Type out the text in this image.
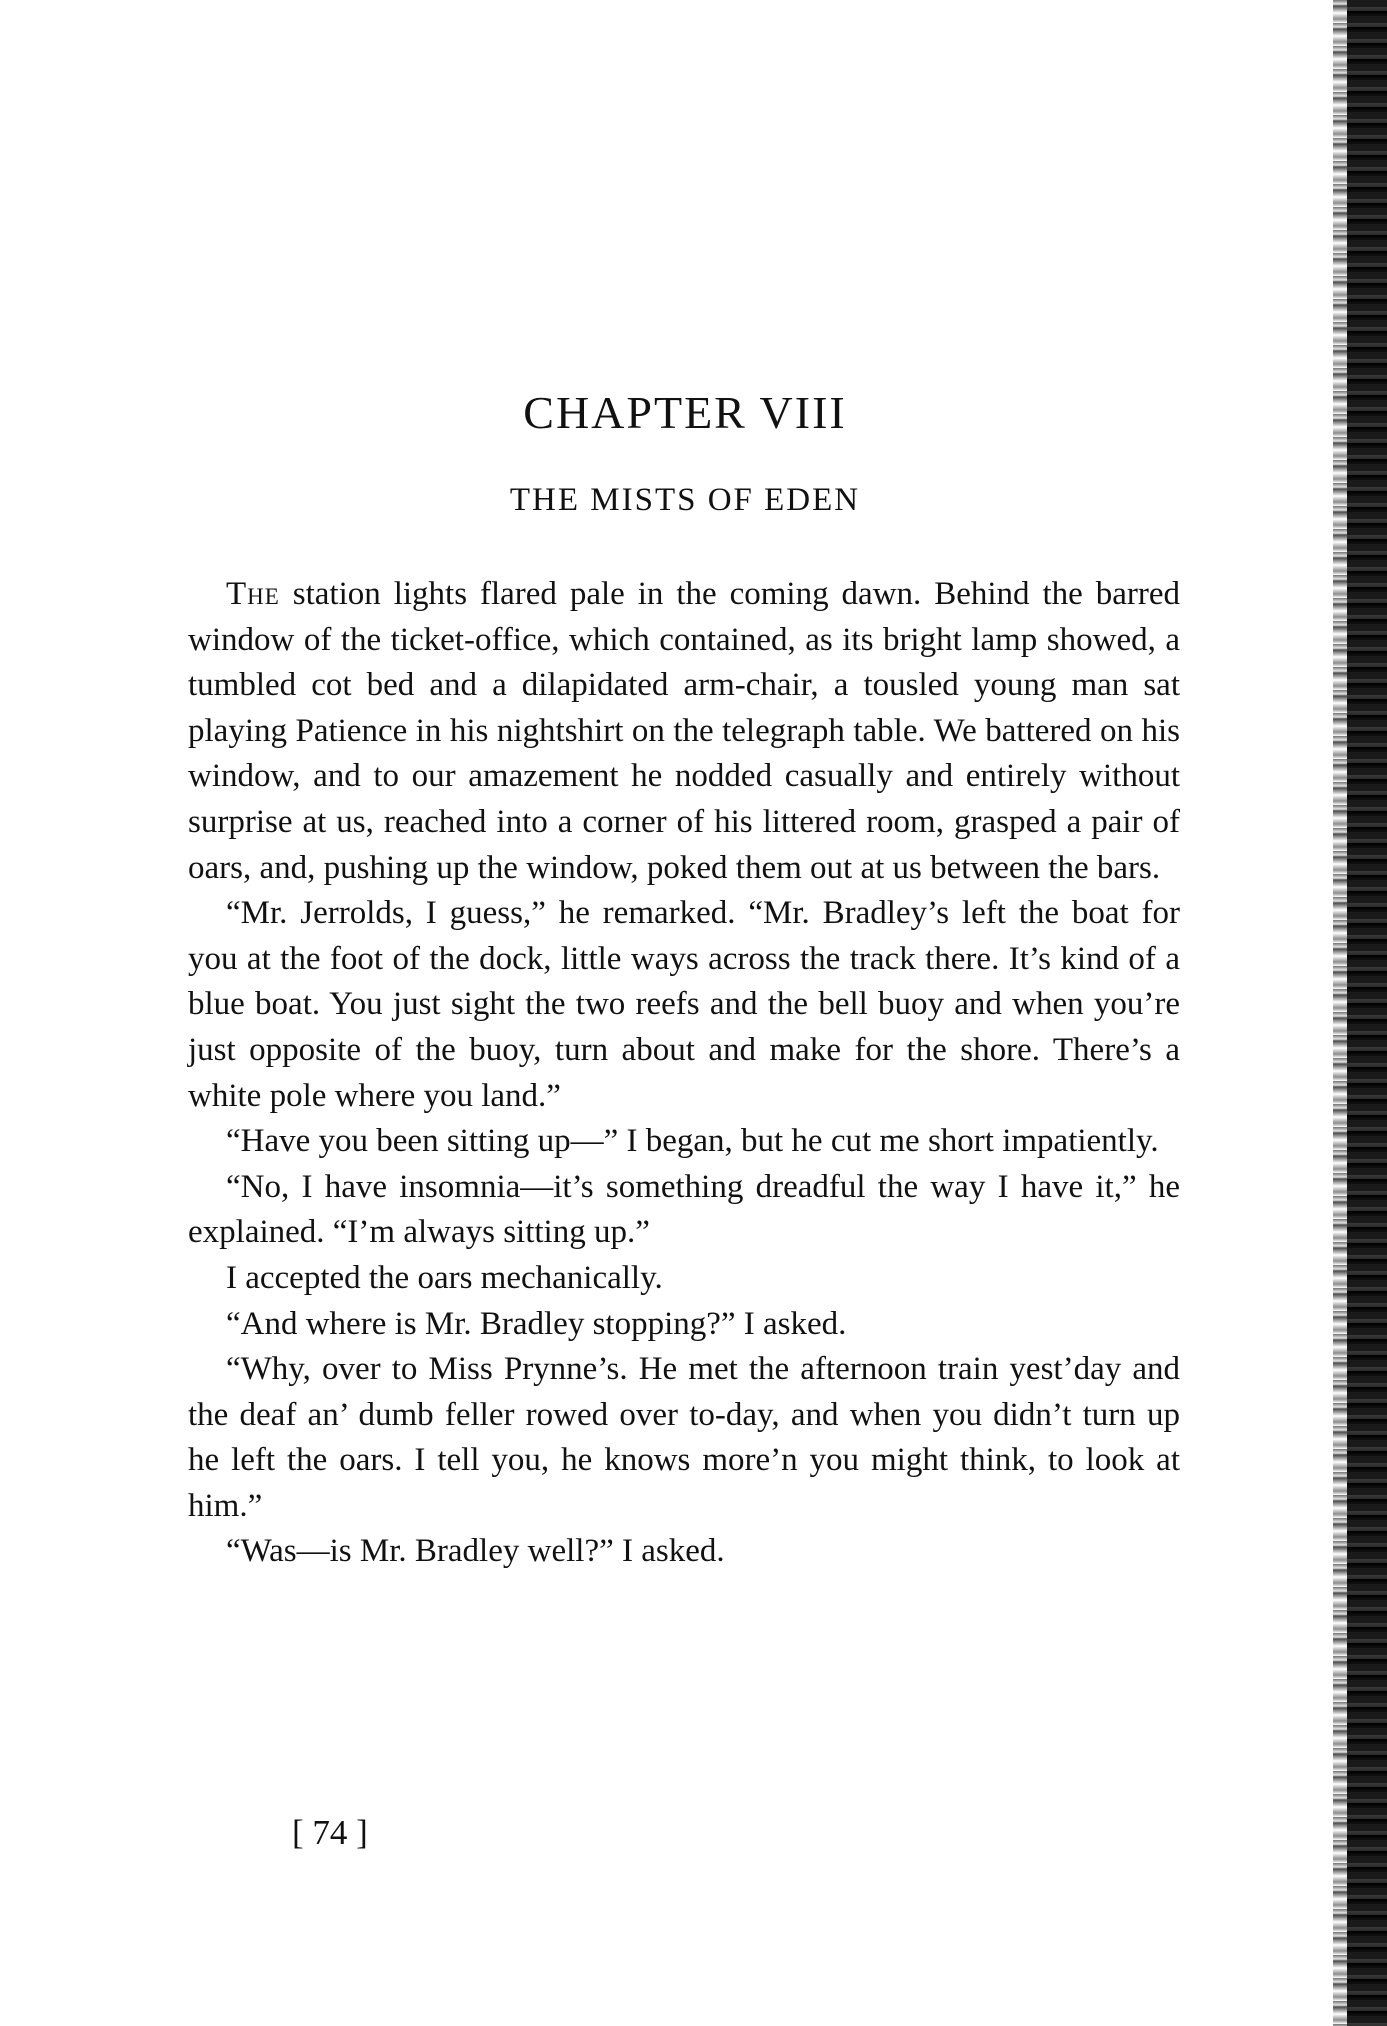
CHAPTER VIII
THE MISTS OF EDEN

The station lights flared pale in the coming dawn. Behind the barred window of the ticket-office, which contained, as its bright lamp showed, a tumbled cot bed and a dilapidated arm-chair, a tousled young man sat playing Patience in his nightshirt on the telegraph table. We battered on his window, and to our amazement he nodded casually and entirely without surprise at us, reached into a corner of his littered room, grasped a pair of oars, and, pushing up the window, poked them out at us between the bars.

“Mr. Jerrolds, I guess,” he remarked. “Mr. Bradley’s left the boat for you at the foot of the dock, little ways across the track there. It’s kind of a blue boat. You just sight the two reefs and the bell buoy and when you’re just opposite of the buoy, turn about and make for the shore. There’s a white pole where you land.”

“Have you been sitting up—” I began, but he cut me short impatiently.

“No, I have insomnia—it’s something dreadful the way I have it,” he explained. “I’m always sitting up.”

I accepted the oars mechanically.

“And where is Mr. Bradley stopping?” I asked.

“Why, over to Miss Prynne’s. He met the afternoon train yest’day and the deaf an’ dumb feller rowed over to-day, and when you didn’t turn up he left the oars. I tell you, he knows more’n you might think, to look at him.”

“Was—is Mr. Bradley well?” I asked.

[ 74 ]
